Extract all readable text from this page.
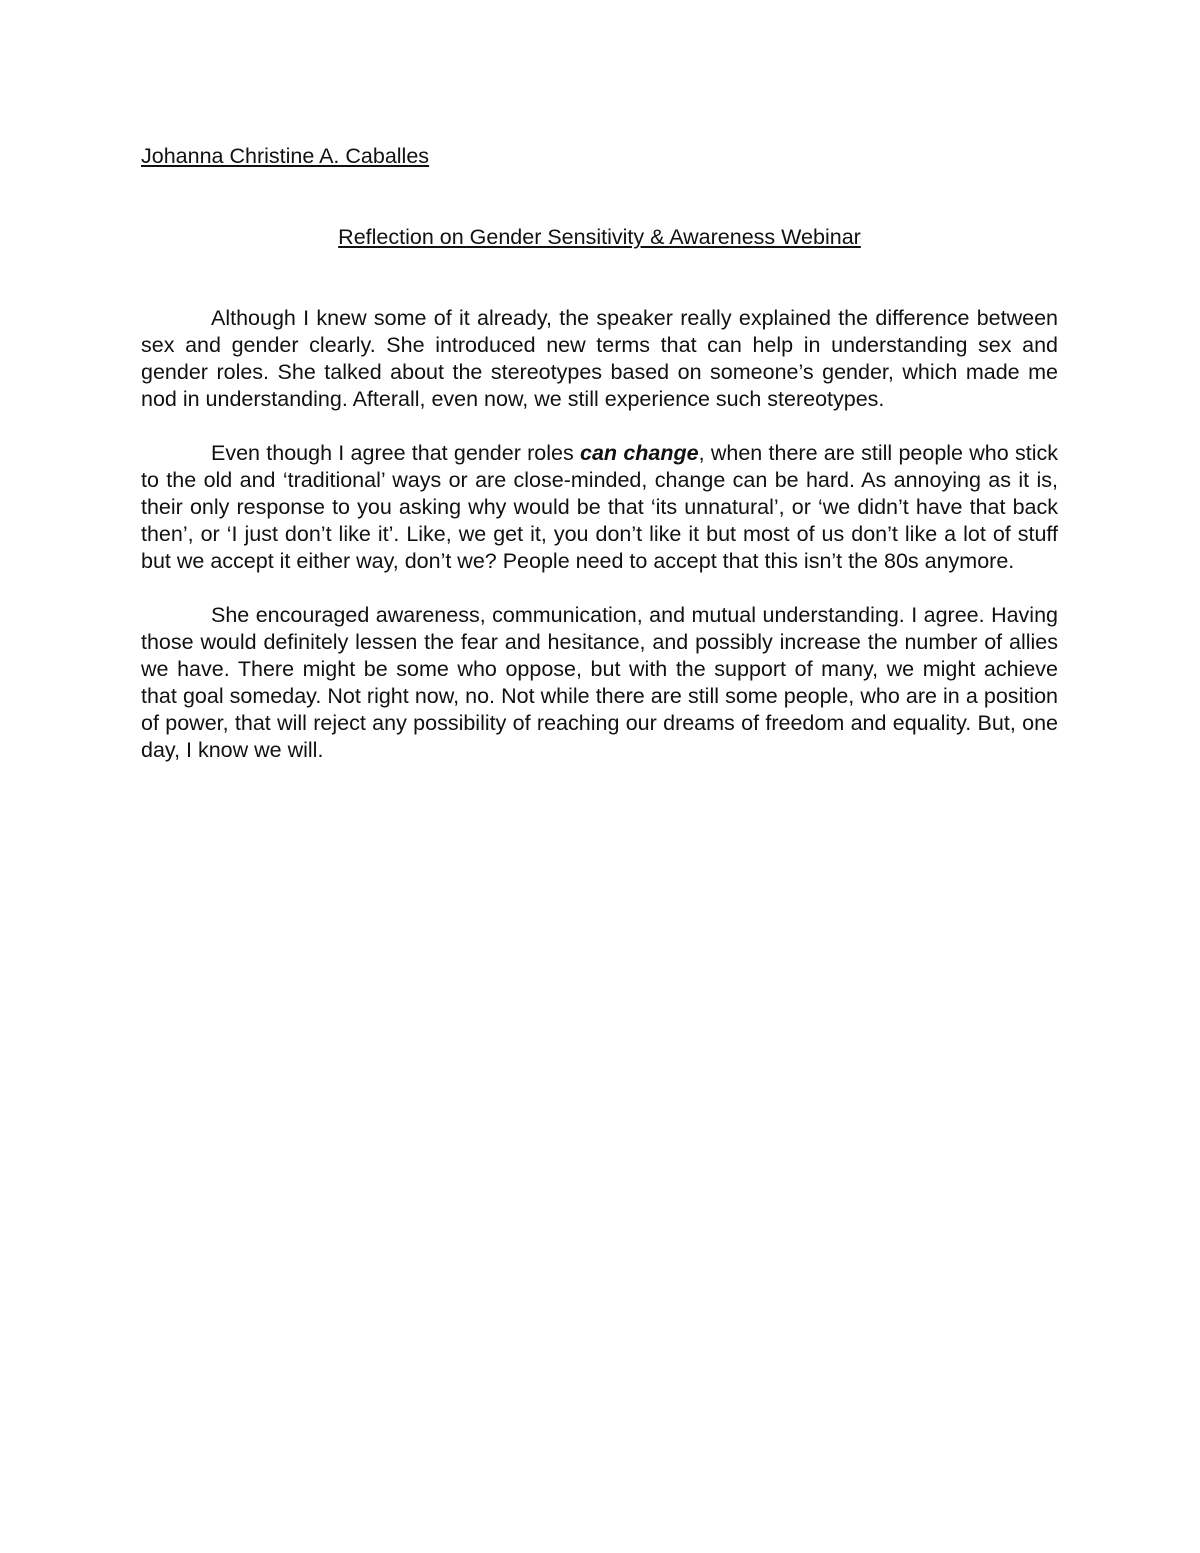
Johanna Christine A. Caballes

Reflection on Gender Sensitivity & Awareness Webinar

Although I knew some of it already, the speaker really explained the difference between sex and gender clearly. She introduced new terms that can help in understanding sex and gender roles. She talked about the stereotypes based on someone’s gender, which made me nod in understanding. Afterall, even now, we still experience such stereotypes.

Even though I agree that gender roles can change, when there are still people who stick to the old and ‘traditional’ ways or are close-minded, change can be hard. As annoying as it is, their only response to you asking why would be that ‘its unnatural’, or ‘we didn’t have that back then’, or ‘I just don’t like it’. Like, we get it, you don’t like it but most of us don’t like a lot of stuff but we accept it either way, don’t we? People need to accept that this isn’t the 80s anymore.

She encouraged awareness, communication, and mutual understanding. I agree. Having those would definitely lessen the fear and hesitance, and possibly increase the number of allies we have. There might be some who oppose, but with the support of many, we might achieve that goal someday. Not right now, no. Not while there are still some people, who are in a position of power, that will reject any possibility of reaching our dreams of freedom and equality. But, one day, I know we will.
